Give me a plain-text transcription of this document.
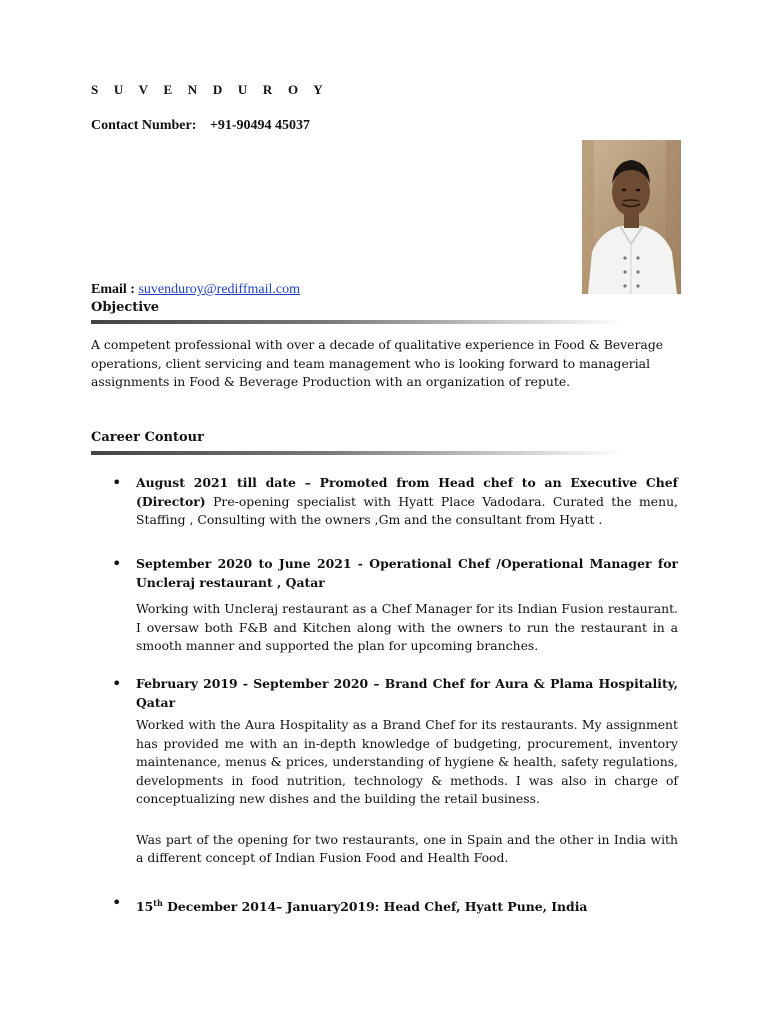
S U V E N D U R O Y
Contact Number: +91-90494 45037
Email : suvenduroy@rediffmail.com
Objective
A competent professional with over a decade of qualitative experience in Food & Beverage operations, client servicing and team management who is looking forward to managerial assignments in Food & Beverage Production with an organization of repute.
Career Contour
• August 2021 till date – Promoted from Head chef to an Executive Chef (Director) Pre-opening specialist with Hyatt Place Vadodara. Curated the menu, Staffing , Consulting with the owners ,Gm and the consultant from Hyatt .
• September 2020 to June 2021 - Operational Chef /Operational Manager for Uncleraj restaurant , Qatar
Working with Uncleraj restaurant as a Chef Manager for its Indian Fusion restaurant. I oversaw both F&B and Kitchen along with the owners to run the restaurant in a smooth manner and supported the plan for upcoming branches.
• February 2019 - September 2020 – Brand Chef for Aura & Plama Hospitality, Qatar
Worked with the Aura Hospitality as a Brand Chef for its restaurants. My assignment has provided me with an in-depth knowledge of budgeting, procurement, inventory maintenance, menus & prices, understanding of hygiene & health, safety regulations, developments in food nutrition, technology & methods. I was also in charge of conceptualizing new dishes and the building the retail business.
Was part of the opening for two restaurants, one in Spain and the other in India with a different concept of Indian Fusion Food and Health Food.
• 15th December 2014– January2019: Head Chef, Hyatt Pune, India
